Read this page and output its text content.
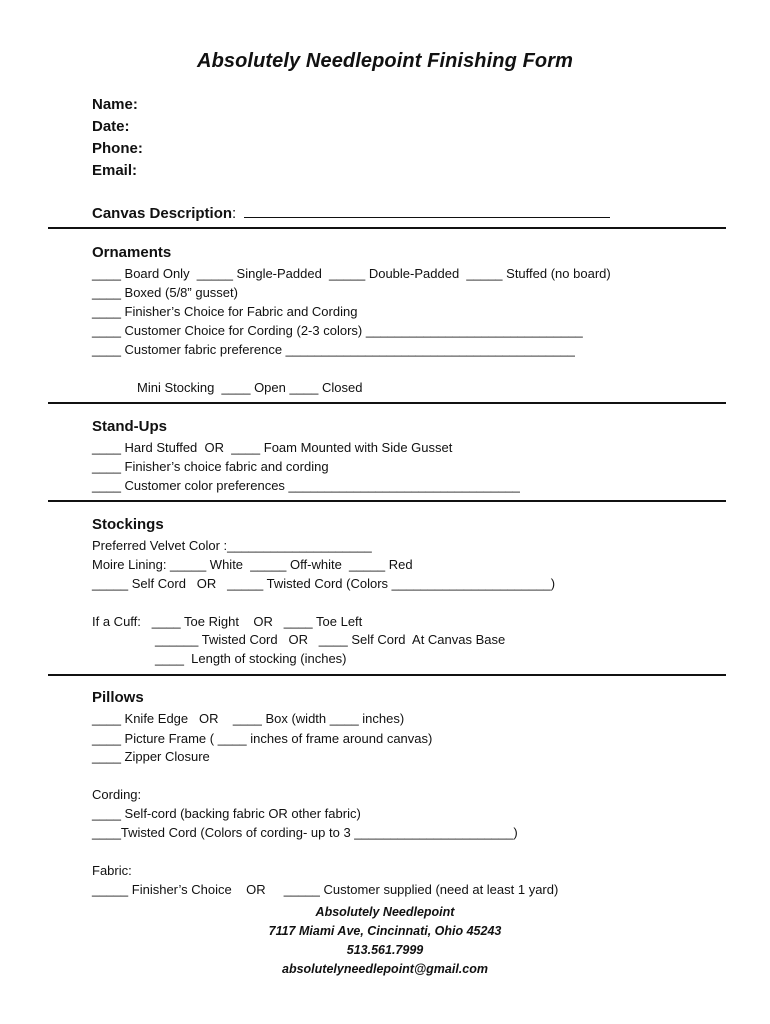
Absolutely Needlepoint Finishing Form
Name:
Date:
Phone:
Email:
Canvas Description:
Ornaments
____ Board Only  _____ Single-Padded  _____ Double-Padded  _____ Stuffed (no board)
____ Boxed (5/8” gusset)
____ Finisher’s Choice for Fabric and Cording
____ Customer Choice for Cording (2-3 colors) ______________________________
____ Customer fabric preference ________________________________________
Mini Stocking  ____ Open ____ Closed
Stand-Ups
____ Hard Stuffed  OR  ____ Foam Mounted with Side Gusset
____ Finisher’s choice fabric and cording
____ Customer color preferences ________________________________
Stockings
Preferred Velvet Color :____________________
Moire Lining: _____ White  _____ Off-white  _____ Red
_____ Self Cord   OR   _____ Twisted Cord (Colors ______________________)
If a Cuff:   ____ Toe Right    OR   ____ Toe Left
______ Twisted Cord   OR   ____ Self Cord  At Canvas Base
____  Length of stocking (inches)
Pillows
____ Knife Edge   OR    ____ Box (width ____ inches)
____ Picture Frame ( ____ inches of frame around canvas)
____ Zipper Closure
Cording:
____ Self-cord (backing fabric OR other fabric)
____Twisted Cord (Colors of cording- up to 3 ______________________)
Fabric:
_____ Finisher’s Choice    OR     _____ Customer supplied (need at least 1 yard)
Absolutely Needlepoint
7117 Miami Ave, Cincinnati, Ohio 45243
513.561.7999
absolutelyneedlepoint@gmail.com
